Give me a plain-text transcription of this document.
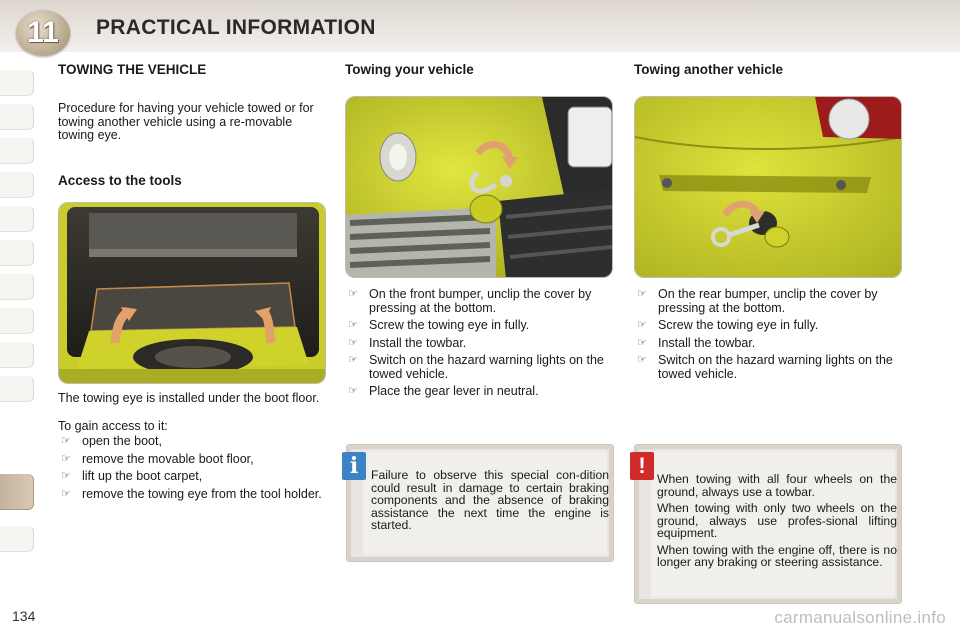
11	PRACTICAL INFORMATION
TOWING THE VEHICLE
Procedure for having your vehicle towed or for towing another vehicle using a re-movable towing eye.
Access to the tools
The towing eye is installed under the boot floor.
To gain access to it:
☞ open the boot,
☞ remove the movable boot floor,
☞ lift up the boot carpet,
☞ remove the towing eye from the tool holder.
Towing your vehicle
☞ On the front bumper, unclip the cover by pressing at the bottom.
☞ Screw the towing eye in fully.
☞ Install the towbar.
☞ Switch on the hazard warning lights on the towed vehicle.
☞ Place the gear lever in neutral.
Failure to observe this special con-dition could result in damage to certain braking components and the absence of braking assistance the next time the engine is started.
i
Towing another vehicle
☞ On the rear bumper, unclip the cover by pressing at the bottom.
☞ Screw the towing eye in fully.
☞ Install the towbar.
☞ Switch on the hazard warning lights on the towed vehicle.

When towing with all four wheels on the ground, always use a towbar.

When towing with only two wheels on the ground, always use profes-sional lifting equipment.

When towing with the engine off, there is no longer any braking or steering assistance.

!
134	carmanualsonline.info
